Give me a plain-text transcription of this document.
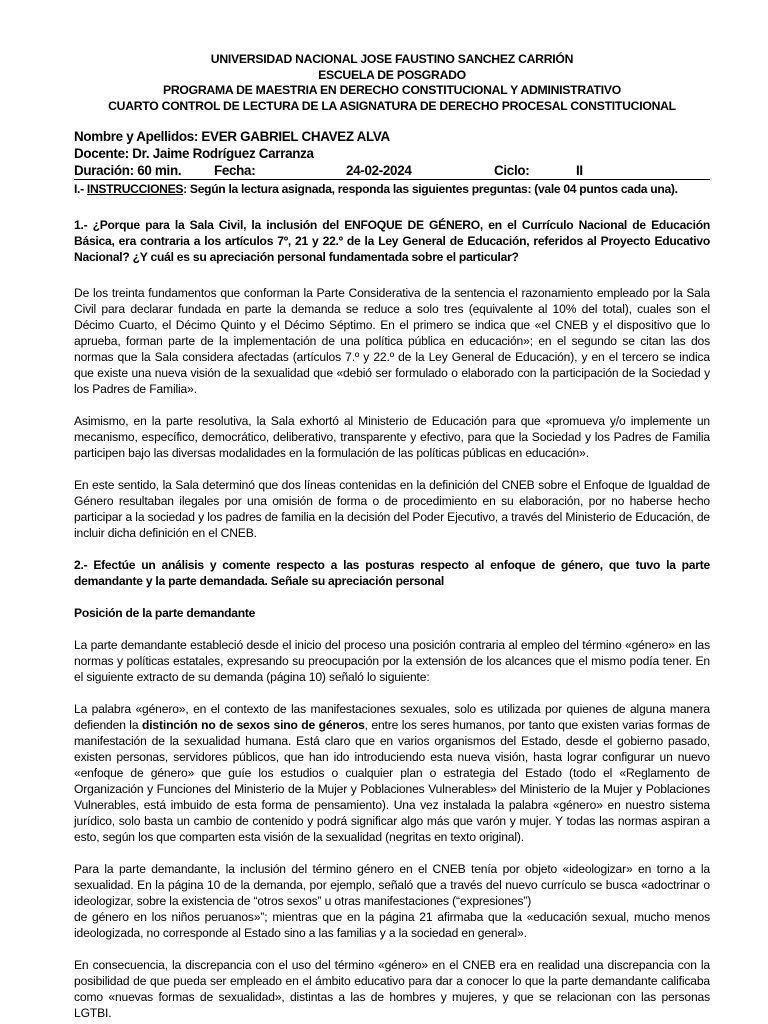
UNIVERSIDAD NACIONAL JOSE FAUSTINO SANCHEZ CARRIÓN
ESCUELA DE POSGRADO
PROGRAMA DE MAESTRIA EN DERECHO CONSTITUCIONAL Y ADMINISTRATIVO
CUARTO CONTROL DE LECTURA DE LA ASIGNATURA DE DERECHO PROCESAL CONSTITUCIONAL
Nombre y Apellidos: EVER GABRIEL CHAVEZ ALVA
Docente: Dr. Jaime Rodríguez Carranza
Duración: 60 min. Fecha:	24-02-2024	Ciclo:	II
I.- INSTRUCCIONES: Según la lectura asignada, responda las siguientes preguntas: (vale 04 puntos cada una).
1.- ¿Porque para la Sala Civil, la inclusión del ENFOQUE DE GÉNERO, en el Currículo Nacional de Educación Básica, era contraria a los artículos 7º, 21 y 22.º de la Ley General de Educación, referidos al Proyecto Educativo Nacional? ¿Y cuál es su apreciación personal fundamentada sobre el particular?
De los treinta fundamentos que conforman la Parte Considerativa de la sentencia el razonamiento empleado por la Sala Civil para declarar fundada en parte la demanda se reduce a solo tres (equivalente al 10% del total), cuales son el Décimo Cuarto, el Décimo Quinto y el Décimo Séptimo. En el primero se indica que «el CNEB y el dispositivo que lo aprueba, forman parte de la implementación de una política pública en educación»; en el segundo se citan las dos normas que la Sala considera afectadas (artículos 7.º y 22.º de la Ley General de Educación), y en el tercero se indica que existe una nueva visión de la sexualidad que «debió ser formulado o elaborado con la participación de la Sociedad y los Padres de Familia».
Asimismo, en la parte resolutiva, la Sala exhortó al Ministerio de Educación para que «promueva y/o implemente un mecanismo, específico, democrático, deliberativo, transparente y efectivo, para que la Sociedad y los Padres de Familia participen bajo las diversas modalidades en la formulación de las políticas públicas en educación».
En este sentido, la Sala determinó que dos líneas contenidas en la definición del CNEB sobre el Enfoque de Igualdad de Género resultaban ilegales por una omisión de forma o de procedimiento en su elaboración, por no haberse hecho participar a la sociedad y los padres de familia en la decisión del Poder Ejecutivo, a través del Ministerio de Educación, de incluir dicha definición en el CNEB.
2.- Efectúe un análisis y comente respecto a las posturas respecto al enfoque de género, que tuvo la parte demandante y la parte demandada. Señale su apreciación personal
Posición de la parte demandante
La parte demandante estableció desde el inicio del proceso una posición contraria al empleo del término «género» en las normas y políticas estatales, expresando su preocupación por la extensión de los alcances que el mismo podía tener. En el siguiente extracto de su demanda (página 10) señaló lo siguiente:
La palabra «género», en el contexto de las manifestaciones sexuales, solo es utilizada por quienes de alguna manera defienden la distinción no de sexos sino de géneros, entre los seres humanos, por tanto que existen varias formas de manifestación de la sexualidad humana. Está claro que en varios organismos del Estado, desde el gobierno pasado, existen personas, servidores públicos, que han ido introduciendo esta nueva visión, hasta lograr configurar un nuevo «enfoque de género» que guíe los estudios o cualquier plan o estrategia del Estado (todo el «Reglamento de Organización y Funciones del Ministerio de la Mujer y Poblaciones Vulnerables» del Ministerio de la Mujer y Poblaciones Vulnerables, está imbuido de esta forma de pensamiento). Una vez instalada la palabra «género» en nuestro sistema jurídico, solo basta un cambio de contenido y podrá significar algo más que varón y mujer. Y todas las normas aspiran a esto, según los que comparten esta visión de la sexualidad (negritas en texto original).
Para la parte demandante, la inclusión del término género en el CNEB tenía por objeto «ideologizar» en torno a la sexualidad. En la página 10 de la demanda, por ejemplo, señaló que a través del nuevo currículo se busca «adoctrinar o ideologizar, sobre la existencia de “otros sexos” u otras manifestaciones (“expresiones”)
de género en los niños peruanos»”; mientras que en la página 21 afirmaba que la «educación sexual, mucho menos ideologizada, no corresponde al Estado sino a las familias y a la sociedad en general».
En consecuencia, la discrepancia con el uso del término «género» en el CNEB era en realidad una discrepancia con la posibilidad de que pueda ser empleado en el ámbito educativo para dar a conocer lo que la parte demandante calificaba como «nuevas formas de sexualidad», distintas a las de hombres y mujeres, y que se relacionan con las personas LGTBI.
